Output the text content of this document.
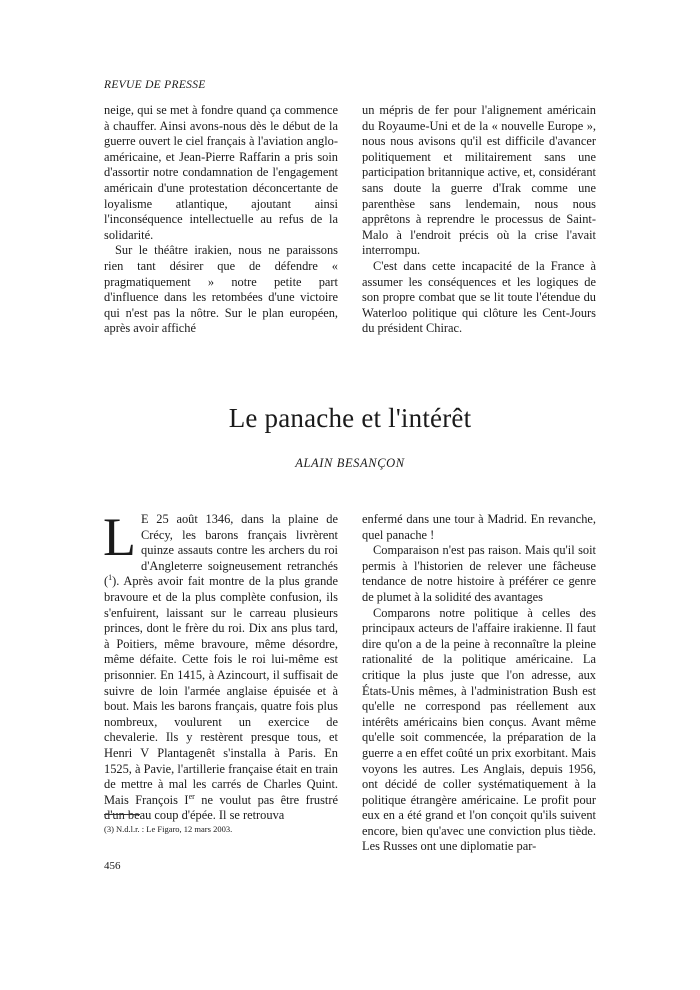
REVUE DE PRESSE

neige, qui se met à fondre quand ça commence à chauffer. Ainsi avons-nous dès le début de la guerre ouvert le ciel français à l'aviation anglo-américaine, et Jean-Pierre Raffarin a pris soin d'assortir notre condamnation de l'engagement américain d'une protestation déconcertante de loyalisme atlantique, ajoutant ainsi l'inconséquence intellectuelle au refus de la solidarité.

Sur le théâtre irakien, nous ne paraissons rien tant désirer que de défendre « pragmatiquement » notre petite part d'influence dans les retombées d'une victoire qui n'est pas la nôtre. Sur le plan européen, après avoir affiché

un mépris de fer pour l'alignement américain du Royaume-Uni et de la « nouvelle Europe », nous nous avisons qu'il est difficile d'avancer politiquement et militairement sans une participation britannique active, et, considérant sans doute la guerre d'Irak comme une parenthèse sans lendemain, nous nous apprêtons à reprendre le processus de Saint-Malo à l'endroit précis où la crise l'avait interrompu.

C'est dans cette incapacité de la France à assumer les conséquences et les logiques de son propre combat que se lit toute l'étendue du Waterloo politique qui clôture les Cent-Jours du président Chirac.

Le panache et l'intérêt
ALAIN BESANÇON

L E 25 août 1346, dans la plaine de Crécy, les barons français livrèrent quinze assauts contre les archers du roi d'Angleterre soigneusement retranchés ($^1$). Après avoir fait montre de la plus grande bravoure et de la plus complète confusion, ils s'enfuirent, laissant sur le carreau plusieurs princes, dont le frère du roi. Dix ans plus tard, à Poitiers, même bravoure, même désordre, même défaite. Cette fois le roi lui-même est prisonnier. En 1415, à Azincourt, il suffisait de suivre de loin l'armée anglaise épuisée et à bout. Mais les barons français, quatre fois plus nombreux, voulurent un exercice de chevalerie. Ils y restèrent presque tous, et Henri V Plantagenêt s'installa à Paris. En 1525, à Pavie, l'artillerie française était en train de mettre à mal les carrés de Charles Quint. Mais François Ier ne voulut pas être frustré d'un beau coup d'épée. Il se retrouva

enfermé dans une tour à Madrid. En revanche, quel panache !

Comparaison n'est pas raison. Mais qu'il soit permis à l'historien de relever une fâcheuse tendance de notre histoire à préférer ce genre de plumet à la solidité des avantages

Comparons notre politique à celles des principaux acteurs de l'affaire irakienne. Il faut dire qu'on a de la peine à reconnaître la pleine rationalité de la politique américaine. La critique la plus juste que l'on adresse, aux États-Unis mêmes, à l'administration Bush est qu'elle ne correspond pas réellement aux intérêts américains bien conçus. Avant même qu'elle soit commencée, la préparation de la guerre a en effet coûté un prix exorbitant. Mais voyons les autres. Les Anglais, depuis 1956, ont décidé de coller systématiquement à la politique étrangère américaine. Le profit pour eux en a été grand et l'on conçoit qu'ils suivent encore, bien qu'avec une conviction plus tiède. Les Russes ont une diplomatie par-

(3) N.d.l.r. : Le Figaro, 12 mars 2003.
456
